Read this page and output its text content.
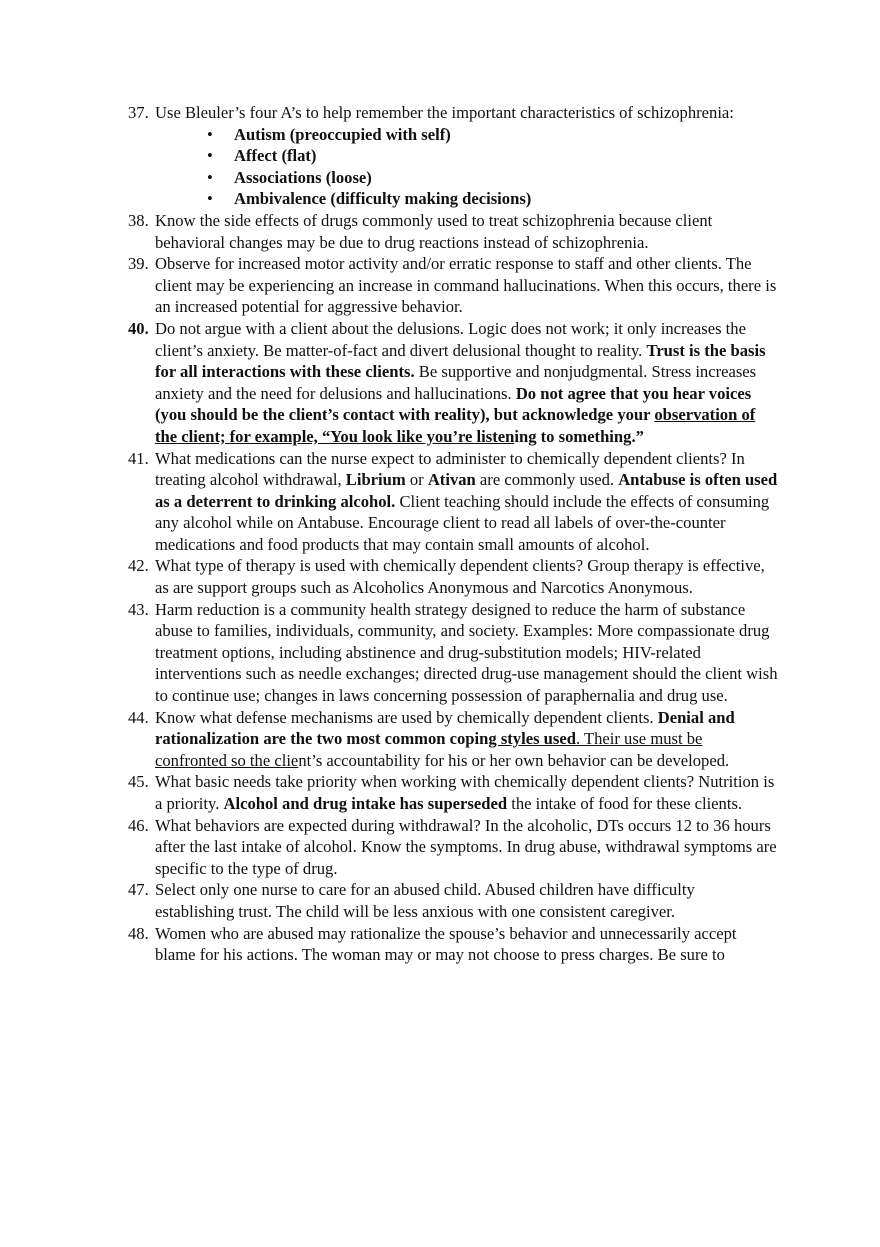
37. Use Bleuler’s four A’s to help remember the important characteristics of schizophrenia:
• Autism (preoccupied with self)
• Affect (flat)
• Associations (loose)
• Ambivalence (difficulty making decisions)
38. Know the side effects of drugs commonly used to treat schizophrenia because client behavioral changes may be due to drug reactions instead of schizophrenia.
39. Observe for increased motor activity and/or erratic response to staff and other clients. The client may be experiencing an increase in command hallucinations. When this occurs, there is an increased potential for aggressive behavior.
40. Do not argue with a client about the delusions. Logic does not work; it only increases the client’s anxiety. Be matter-of-fact and divert delusional thought to reality. Trust is the basis for all interactions with these clients. Be supportive and nonjudgmental. Stress increases anxiety and the need for delusions and hallucinations. Do not agree that you hear voices (you should be the client’s contact with reality), but acknowledge your observation of the client; for example, “You look like you’re listening to something.”
41. What medications can the nurse expect to administer to chemically dependent clients? In treating alcohol withdrawal, Librium or Ativan are commonly used. Antabuse is often used as a deterrent to drinking alcohol. Client teaching should include the effects of consuming any alcohol while on Antabuse. Encourage client to read all labels of over-the-counter medications and food products that may contain small amounts of alcohol.
42. What type of therapy is used with chemically dependent clients? Group therapy is effective, as are support groups such as Alcoholics Anonymous and Narcotics Anonymous.
43. Harm reduction is a community health strategy designed to reduce the harm of substance abuse to families, individuals, community, and society. Examples: More compassionate drug treatment options, including abstinence and drug-substitution models; HIV-related interventions such as needle exchanges; directed drug-use management should the client wish to continue use; changes in laws concerning possession of paraphernalia and drug use.
44. Know what defense mechanisms are used by chemically dependent clients. Denial and rationalization are the two most common coping styles used. Their use must be confronted so the client’s accountability for his or her own behavior can be developed.
45. What basic needs take priority when working with chemically dependent clients? Nutrition is a priority. Alcohol and drug intake has superseded the intake of food for these clients.
46. What behaviors are expected during withdrawal? In the alcoholic, DTs occurs 12 to 36 hours after the last intake of alcohol. Know the symptoms. In drug abuse, withdrawal symptoms are specific to the type of drug.
47. Select only one nurse to care for an abused child. Abused children have difficulty establishing trust. The child will be less anxious with one consistent caregiver.
48. Women who are abused may rationalize the spouse’s behavior and unnecessarily accept blame for his actions. The woman may or may not choose to press charges. Be sure to
